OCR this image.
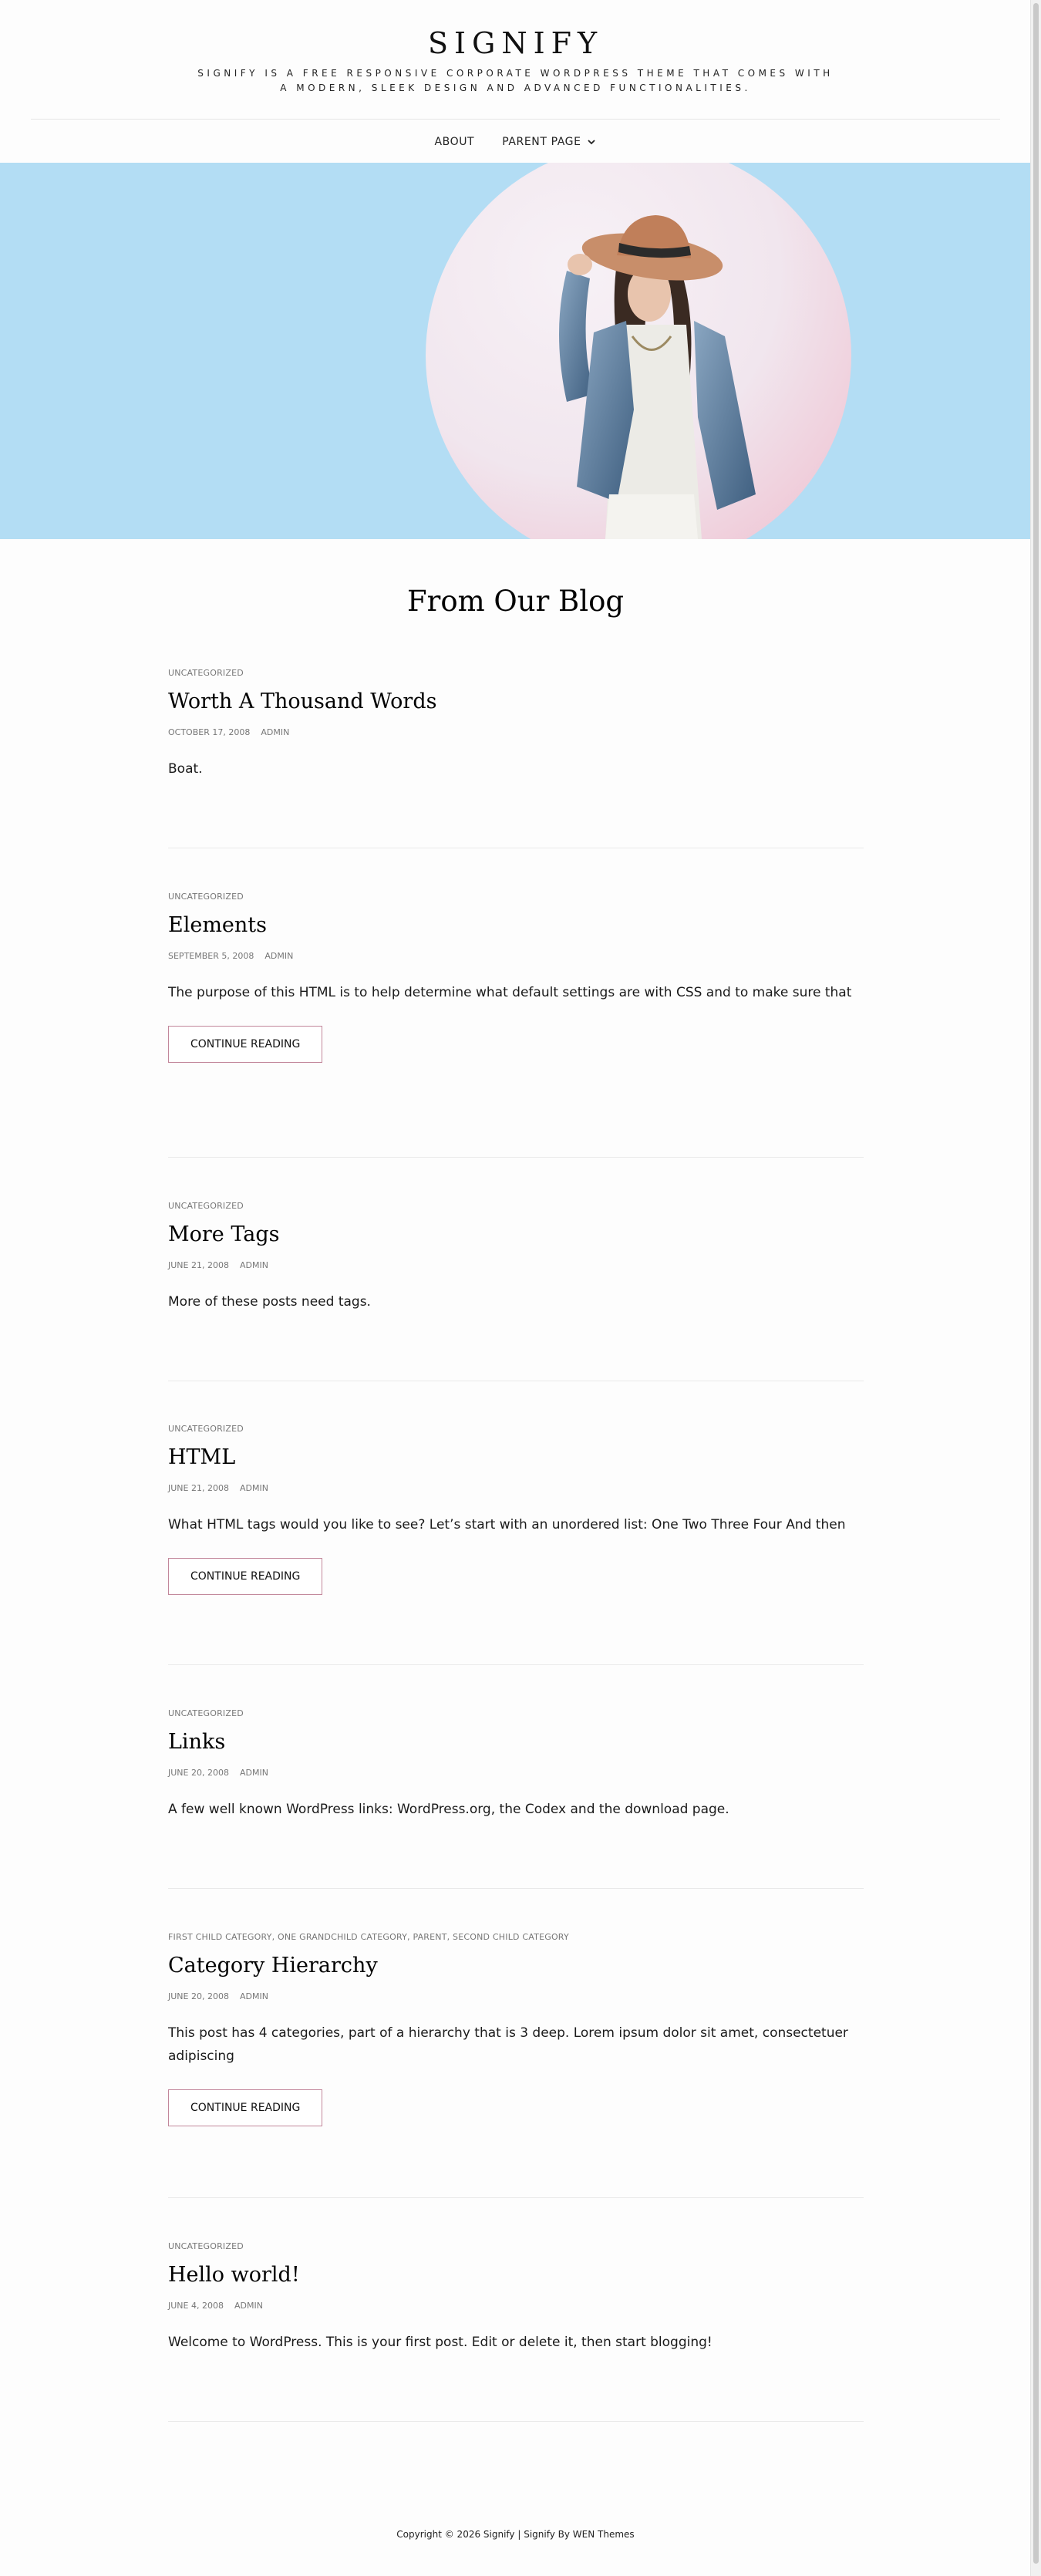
SIGNIFY
SIGNIFY IS A FREE RESPONSIVE CORPORATE WORDPRESS THEME THAT COMES WITH A MODERN, SLEEK DESIGN AND ADVANCED FUNCTIONALITIES.
ABOUT	PARENT PAGE
From Our Blog
UNCATEGORIZED
Worth A Thousand Words
OCTOBER 17, 2008 ADMIN
Boat.
UNCATEGORIZED
Elements
SEPTEMBER 5, 2008 ADMIN
The purpose of this HTML is to help determine what default settings are with CSS and to make sure that
CONTINUE READING
UNCATEGORIZED
More Tags
JUNE 21, 2008 ADMIN
More of these posts need tags.
UNCATEGORIZED
HTML
JUNE 21, 2008 ADMIN
What HTML tags would you like to see? Let’s start with an unordered list: One Two Three Four And then
CONTINUE READING
UNCATEGORIZED
Links
JUNE 20, 2008 ADMIN
A few well known WordPress links: WordPress.org, the Codex and the download page.
FIRST CHILD CATEGORY, ONE GRANDCHILD CATEGORY, PARENT, SECOND CHILD CATEGORY
Category Hierarchy
JUNE 20, 2008 ADMIN
This post has 4 categories, part of a hierarchy that is 3 deep. Lorem ipsum dolor sit amet, consectetuer adipiscing
CONTINUE READING
UNCATEGORIZED
Hello world!
JUNE 4, 2008 ADMIN
Welcome to WordPress. This is your first post. Edit or delete it, then start blogging!
Copyright © 2026 Signify | Signify By WEN Themes
